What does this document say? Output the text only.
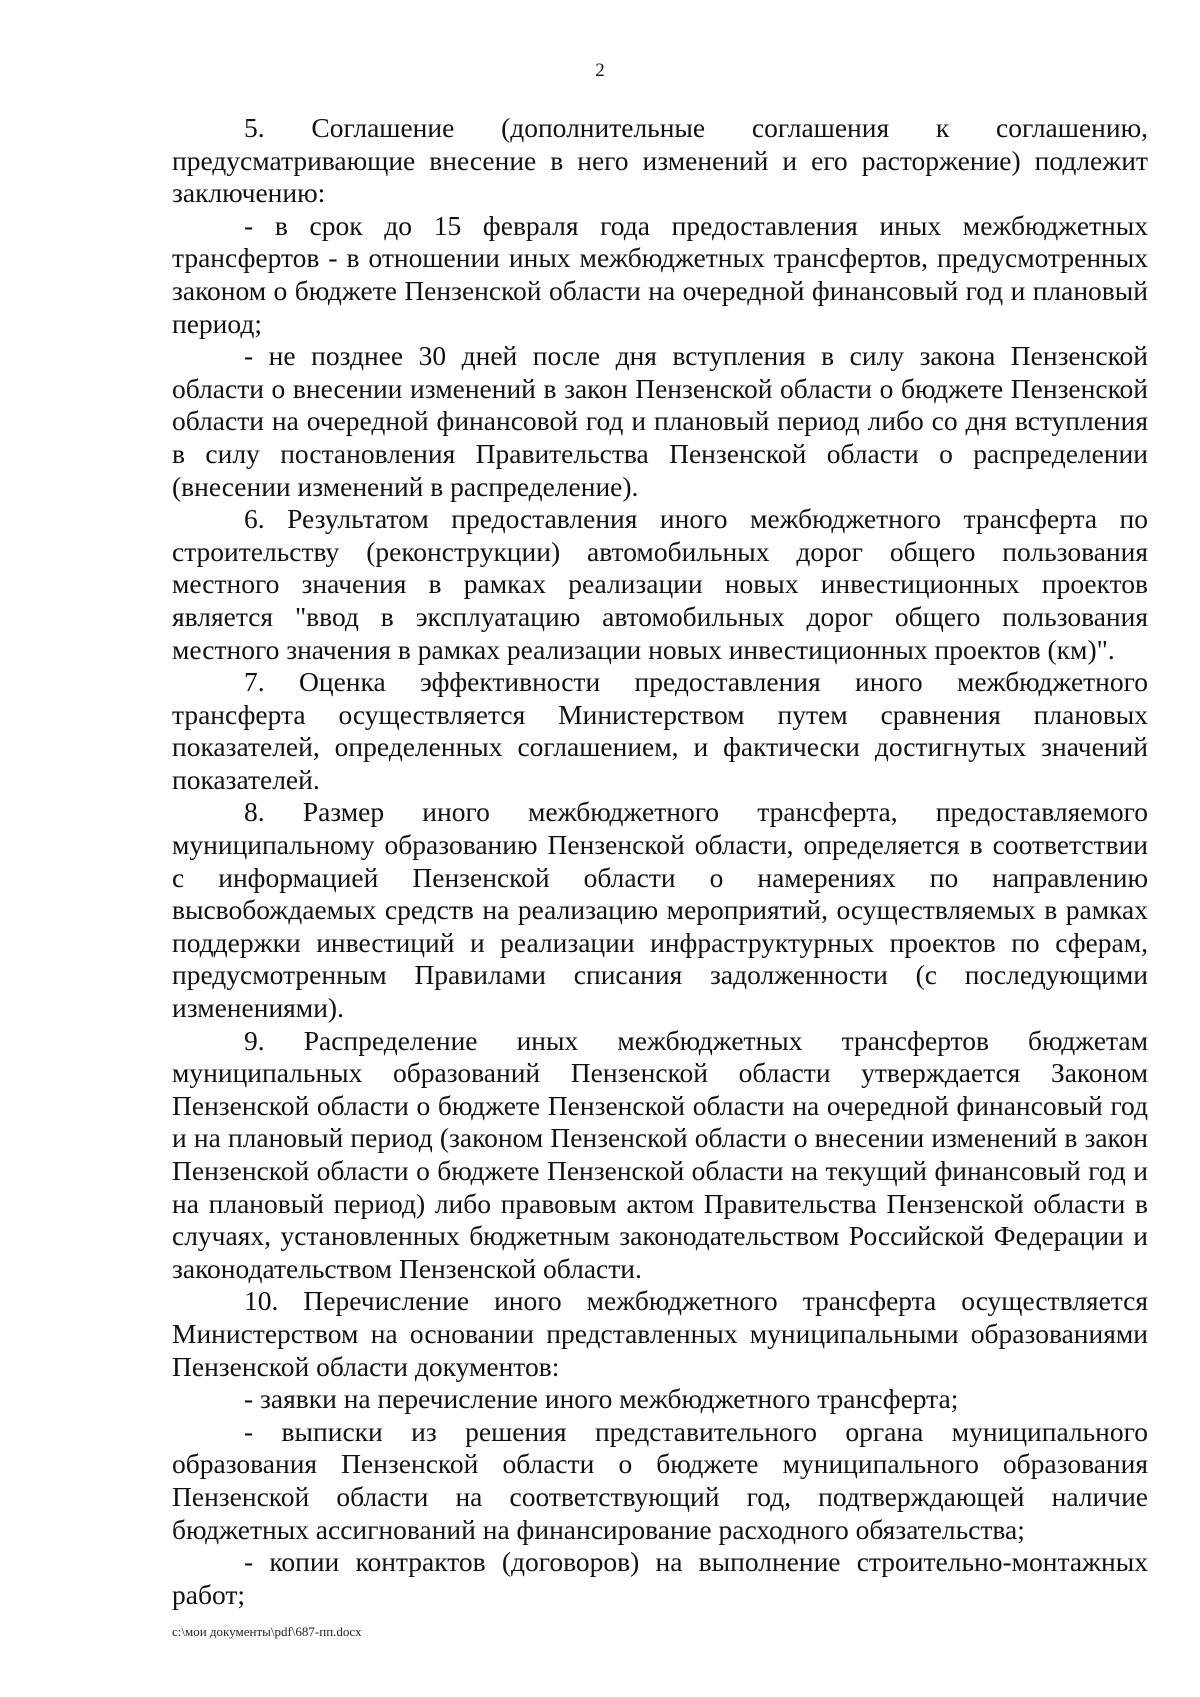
2

5. Соглашение (дополнительные соглашения к соглашению, предусматривающие внесение в него изменений и его расторжение) подлежит заключению:

- в срок до 15 февраля года предоставления иных межбюджетных трансфертов - в отношении иных межбюджетных трансфертов, предусмотренных законом о бюджете Пензенской области на очередной финансовый год и плановый период;

- не позднее 30 дней после дня вступления в силу закона Пензенской области о внесении изменений в закон Пензенской области о бюджете Пензенской области на очередной финансовой год и плановый период либо со дня вступления в силу постановления Правительства Пензенской области о распределении (внесении изменений в распределение).

6. Результатом предоставления иного межбюджетного трансферта по строительству (реконструкции) автомобильных дорог общего пользования местного значения в рамках реализации новых инвестиционных проектов является "ввод в эксплуатацию автомобильных дорог общего пользования местного значения в рамках реализации новых инвестиционных проектов (км)".

7. Оценка эффективности предоставления иного межбюджетного трансферта осуществляется Министерством путем сравнения плановых показателей, определенных соглашением, и фактически достигнутых значений показателей.

8. Размер иного межбюджетного трансферта, предоставляемого муниципальному образованию Пензенской области, определяется в соответствии с информацией Пензенской области о намерениях по направлению высвобождаемых средств на реализацию мероприятий, осуществляемых в рамках поддержки инвестиций и реализации инфраструктурных проектов по сферам, предусмотренным Правилами списания задолженности (с последующими изменениями).

9. Распределение иных межбюджетных трансфертов бюджетам муниципальных образований Пензенской области утверждается Законом Пензенской области о бюджете Пензенской области на очередной финансовый год и на плановый период (законом Пензенской области о внесении изменений в закон Пензенской области о бюджете Пензенской области на текущий финансовый год и на плановый период) либо правовым актом Правительства Пензенской области в случаях, установленных бюджетным законодательством Российской Федерации и законодательством Пензенской области.

10. Перечисление иного межбюджетного трансферта осуществляется Министерством на основании представленных муниципальными образованиями Пензенской области документов:

- заявки на перечисление иного межбюджетного трансферта;

- выписки из решения представительного органа муниципального образования Пензенской области о бюджете муниципального образования Пензенской области на соответствующий год, подтверждающей наличие бюджетных ассигнований на финансирование расходного обязательства;

- копии контрактов (договоров) на выполнение строительно-монтажных работ;

c:\мои документы\pdf\687-пп.docx
